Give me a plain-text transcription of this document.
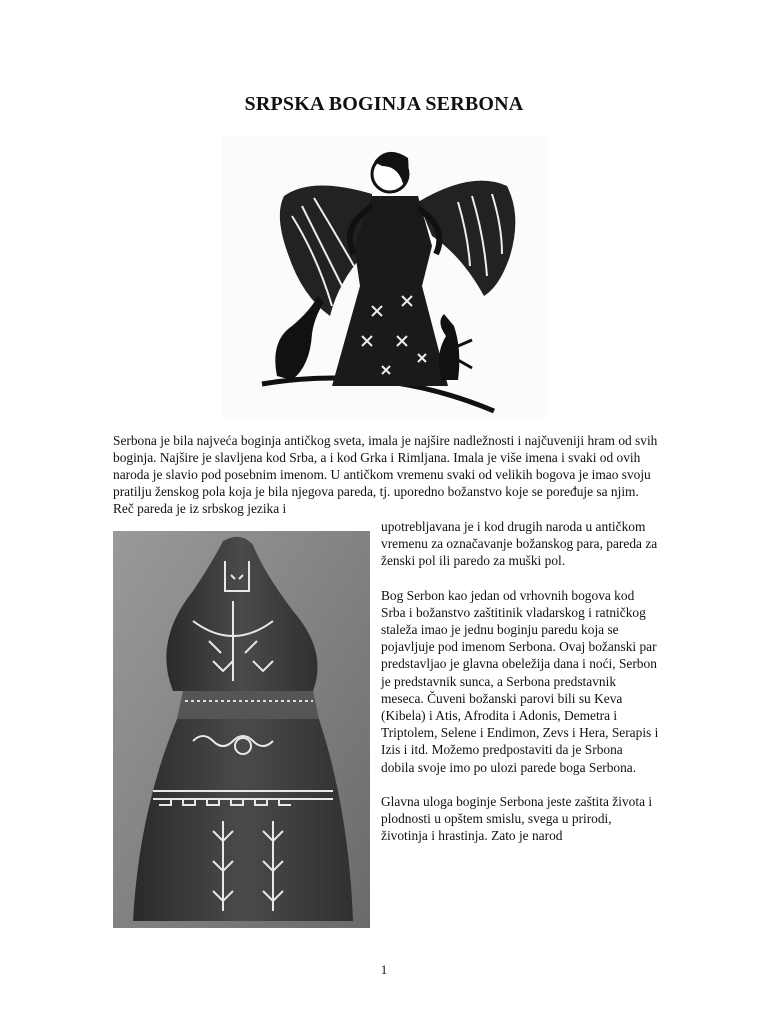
SRPSKA BOGINJA SERBONA
Serbona je bila najveća boginja antičkog sveta, imala je najšire nadležnosti i najčuveniji hram od svih boginja. Najšire je slavljena kod Srba, a i kod Grka i Rimljana. Imala je više imena i svaki od ovih naroda je slavio pod posebnim imenom. U antičkom vremenu svaki od velikih bogova je imao svoju pratilju ženskog pola koja je bila njegova pareda, tj. uporedno božanstvo koje se poređuje sa njim. Reč pareda je iz srbskog jezika i

upotrebljavana je i kod drugih naroda u antičkom vremenu za označavanje božanskog para, pareda za ženski pol ili paredo za muški pol.

Bog Serbon kao jedan od vrhovnih bogova kod Srba i božanstvo zaštitinik vladarskog i ratničkog staleža imao je jednu boginju paredu koja se pojavljuje pod imenom Serbona. Ovaj božanski par predstavljao je glavna obeležija dana i noći, Serbon je predstavnik sunca, a Serbona predstavnik meseca. Čuveni božanski parovi bili su Keva (Kibela) i Atis, Afrodita i Adonis, Demetra i Triptolem, Selene i Endimon, Zevs i Hera, Serapis i Izis i itd. Možemo predpostaviti da je Srbona dobila svoje imo po ulozi parede boga Serbona.

Glavna uloga boginje Serbona jeste zaštita života i plodnosti u opštem smislu, svega u prirodi, životinja i hrastinja. Zato je narod

1
